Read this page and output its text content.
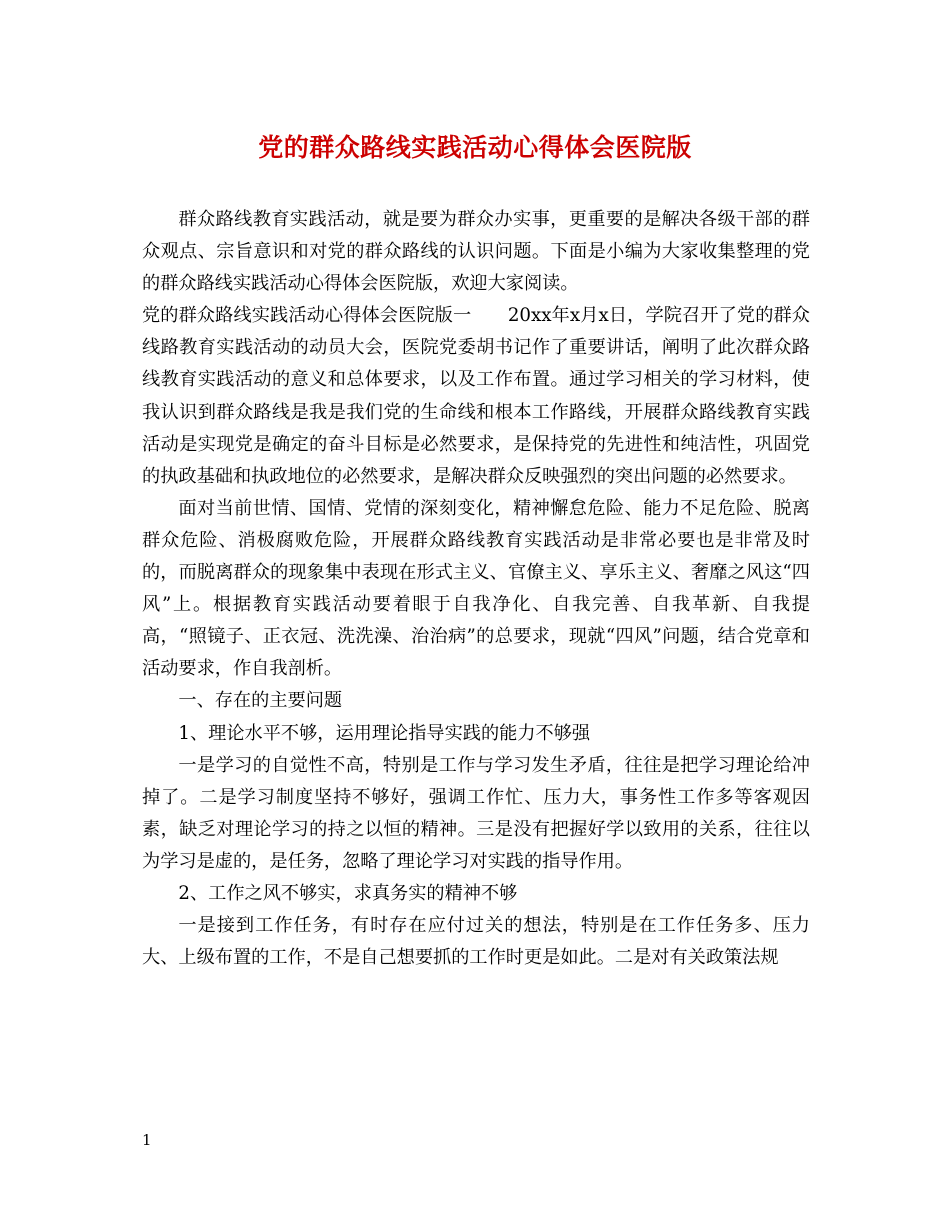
党的群众路线实践活动心得体会医院版

群众路线教育实践活动，就是要为群众办实事，更重要的是解决各级干部的群众观点、宗旨意识和对党的群众路线的认识问题。下面是小编为大家收集整理的党的群众路线实践活动心得体会医院版，欢迎大家阅读。

党的群众路线实践活动心得体会医院版一　　20xx年x月x日，学院召开了党的群众线路教育实践活动的动员大会，医院党委胡书记作了重要讲话，阐明了此次群众路线教育实践活动的意义和总体要求，以及工作布置。通过学习相关的学习材料，使我认识到群众路线是我是我们党的生命线和根本工作路线，开展群众路线教育实践活动是实现党是确定的奋斗目标是必然要求，是保持党的先进性和纯洁性，巩固党的执政基础和执政地位的必然要求，是解决群众反映强烈的突出问题的必然要求。

面对当前世情、国情、党情的深刻变化，精神懈怠危险、能力不足危险、脱离群众危险、消极腐败危险，开展群众路线教育实践活动是非常必要也是非常及时的，而脱离群众的现象集中表现在形式主义、官僚主义、享乐主义、奢靡之风这“四风”上。根据教育实践活动要着眼于自我净化、自我完善、自我革新、自我提高，“照镜子、正衣冠、洗洗澡、治治病”的总要求，现就“四风”问题，结合党章和活动要求，作自我剖析。

一、存在的主要问题

1、理论水平不够，运用理论指导实践的能力不够强

一是学习的自觉性不高，特别是工作与学习发生矛盾，往往是把学习理论给冲掉了。二是学习制度坚持不够好，强调工作忙、压力大，事务性工作多等客观因素，缺乏对理论学习的持之以恒的精神。三是没有把握好学以致用的关系，往往以为学习是虚的，是任务，忽略了理论学习对实践的指导作用。

2、工作之风不够实，求真务实的精神不够

一是接到工作任务，有时存在应付过关的想法，特别是在工作任务多、压力大、上级布置的工作，不是自己想要抓的工作时更是如此。二是对有关政策法规

1
